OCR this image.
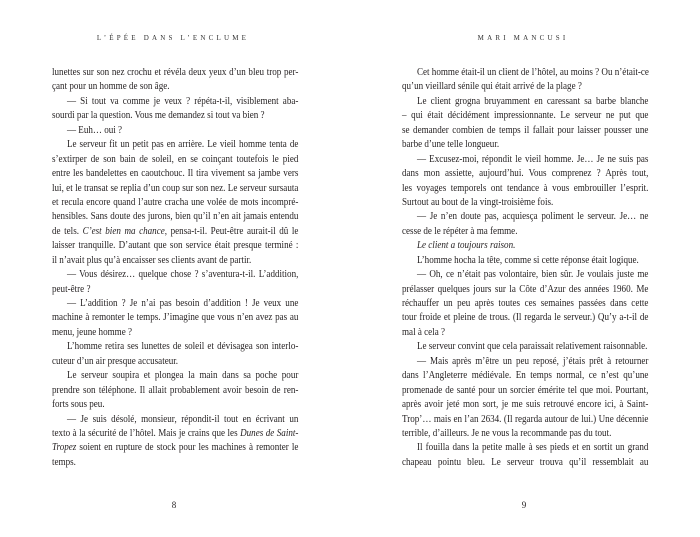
L’ÉPÉE DANS L’ENCLUME
lunettes sur son nez crochu et révéla deux yeux d’un bleu trop per-
çant pour un homme de son âge.
— Si tout va comme je veux ? répéta-t-il, visiblement aba-
sourdi par la question. Vous me demandez si tout va bien ?
— Euh… oui ?
Le serveur fit un petit pas en arrière. Le vieil homme tenta de
s’extirper de son bain de soleil, en se coinçant toutefois le pied
entre les bandelettes en caoutchouc. Il tira vivement sa jambe vers
lui, et le transat se replia d’un coup sur son nez. Le serveur sursauta
et recula encore quand l’autre cracha une volée de mots incompré-
hensibles. Sans doute des jurons, bien qu’il n’en ait jamais entendu
de tels. C’est bien ma chance, pensa-t-il. Peut-être aurait-il dû le
laisser tranquille. D’autant que son service était presque terminé :
il n’avait plus qu’à encaisser ses clients avant de partir.
— Vous désirez… quelque chose ? s’aventura-t-il. L’addition,
peut-être ?
— L’addition ? Je n’ai pas besoin d’addition ! Je veux une
machine à remonter le temps. J’imagine que vous n’en avez pas au
menu, jeune homme ?
L’homme retira ses lunettes de soleil et dévisagea son interlo-
cuteur d’un air presque accusateur.
Le serveur soupira et plongea la main dans sa poche pour
prendre son téléphone. Il allait probablement avoir besoin de ren-
forts sous peu.
— Je suis désolé, monsieur, répondit-il tout en écrivant un
texto à la sécurité de l’hôtel. Mais je crains que les Dunes de Saint-
Tropez soient en rupture de stock pour les machines à remonter le
temps.
8
MARI MANCUSI
Cet homme était-il un client de l’hôtel, au moins ? Ou n’était-ce
qu’un vieillard sénile qui était arrivé de la plage ?
Le client grogna bruyamment en caressant sa barbe blanche
– qui était décidément impressionnante. Le serveur ne put que
se demander combien de temps il fallait pour laisser pousser une
barbe d’une telle longueur.
— Excusez-moi, répondit le vieil homme. Je… Je ne suis pas
dans mon assiette, aujourd’hui. Vous comprenez ? Après tout,
les voyages temporels ont tendance à vous embrouiller l’esprit.
Surtout au bout de la vingt-troisième fois.
— Je n’en doute pas, acquiesça poliment le serveur. Je… ne
cesse de le répéter à ma femme.
Le client a toujours raison.
L’homme hocha la tête, comme si cette réponse était logique.
— Oh, ce n’était pas volontaire, bien sûr. Je voulais juste me
prélasser quelques jours sur la Côte d’Azur des années 1960. Me
réchauffer un peu après toutes ces semaines passées dans cette
tour froide et pleine de trous. (Il regarda le serveur.) Qu’y a-t-il de
mal à cela ?
Le serveur convint que cela paraissait relativement raisonnable.
— Mais après m’être un peu reposé, j’étais prêt à retourner
dans l’Angleterre médiévale. En temps normal, ce n’est qu’une
promenade de santé pour un sorcier émérite tel que moi. Pourtant,
après avoir jeté mon sort, je me suis retrouvé encore ici, à Saint-
Trop’… mais en l’an 2634. (Il regarda autour de lui.) Une décennie
terrible, d’ailleurs. Je ne vous la recommande pas du tout.
Il fouilla dans la petite malle à ses pieds et en sortit un grand
chapeau pointu bleu. Le serveur trouva qu’il ressemblait au
9
